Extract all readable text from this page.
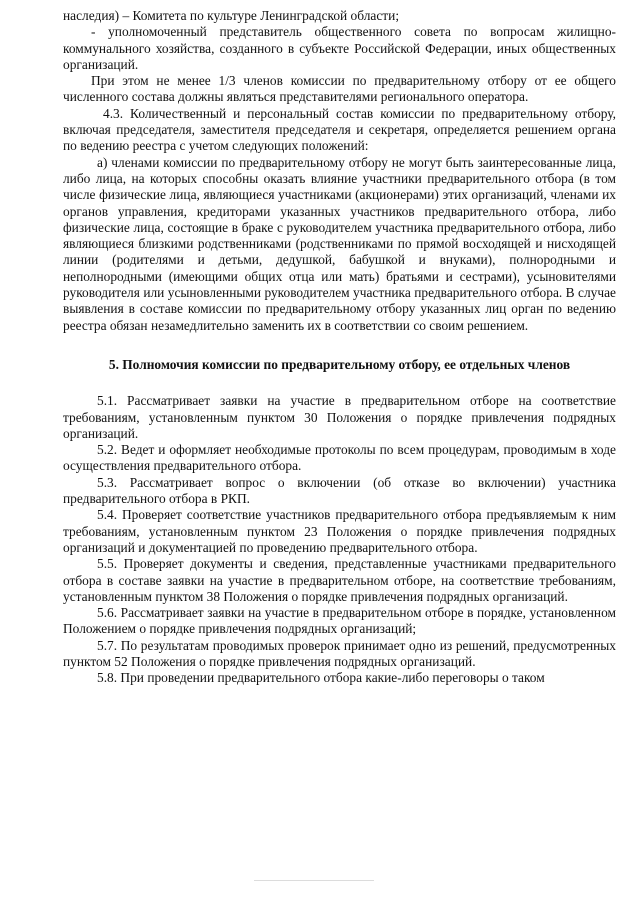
наследия) – Комитета по культуре Ленинградской области;

- уполномоченный представитель общественного совета по вопросам жилищно-коммунального хозяйства, созданного в субъекте Российской Федерации, иных общественных организаций.

При этом не менее 1/3 членов комиссии по предварительному отбору от ее общего численного состава должны являться представителями регионального оператора.

4.3. Количественный и персональный состав комиссии по предварительному отбору, включая председателя, заместителя председателя и секретаря, определяется решением органа по ведению реестра с учетом следующих положений:

а) членами комиссии по предварительному отбору не могут быть заинтересованные лица, либо лица, на которых способны оказать влияние участники предварительного отбора (в том числе физические лица, являющиеся участниками (акционерами) этих организаций, членами их органов управления, кредиторами указанных участников предварительного отбора, либо физические лица, состоящие в браке с руководителем участника предварительного отбора, либо являющиеся близкими родственниками (родственниками по прямой восходящей и нисходящей линии (родителями и детьми, дедушкой, бабушкой и внуками), полнородными и неполнородными (имеющими общих отца или мать) братьями и сестрами), усыновителями руководителя или усыновленными руководителем участника предварительного отбора. В случае выявления в составе комиссии по предварительному отбору указанных лиц орган по ведению реестра обязан незамедлительно заменить их в соответствии со своим решением.

5. Полномочия комиссии по предварительному отбору, ее отдельных членов

5.1. Рассматривает заявки на участие в предварительном отборе на соответствие требованиям, установленным пунктом 30 Положения о порядке привлечения подрядных организаций.

5.2. Ведет и оформляет необходимые протоколы по всем процедурам, проводимым в ходе осуществления предварительного отбора.

5.3. Рассматривает вопрос о включении (об отказе во включении) участника предварительного отбора в РКП.

5.4. Проверяет соответствие участников предварительного отбора предъявляемым к ним требованиям, установленным пунктом 23 Положения о порядке привлечения подрядных организаций и документацией по проведению предварительного отбора.

5.5. Проверяет документы и сведения, представленные участниками предварительного отбора в составе заявки на участие в предварительном отборе, на соответствие требованиям, установленным пунктом 38 Положения о порядке привлечения подрядных организаций.

5.6. Рассматривает заявки на участие в предварительном отборе в порядке, установленном Положением о порядке привлечения подрядных организаций;

5.7. По результатам проводимых проверок принимает одно из решений, предусмотренных пунктом 52 Положения о порядке привлечения подрядных организаций.

5.8. При проведении предварительного отбора какие-либо переговоры о таком
